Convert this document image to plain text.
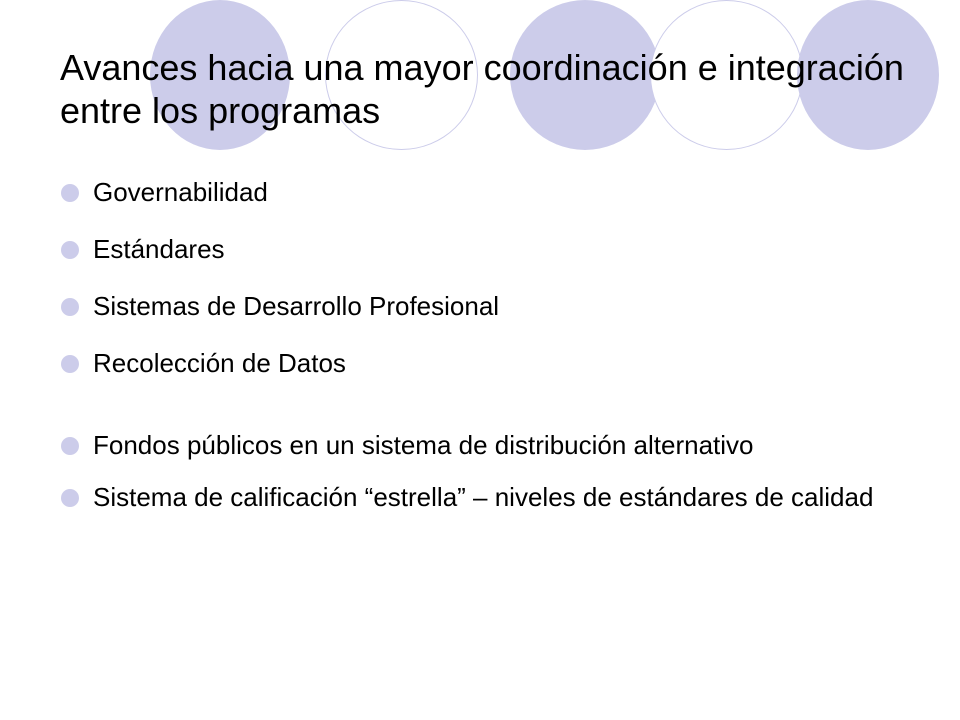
Avances hacia una mayor coordinación e integración entre los programas
Governabilidad
Estándares
Sistemas de Desarrollo Profesional
Recolección de Datos
Fondos públicos en un sistema de distribución alternativo
Sistema de calificación “estrella” – niveles de estándares de calidad
